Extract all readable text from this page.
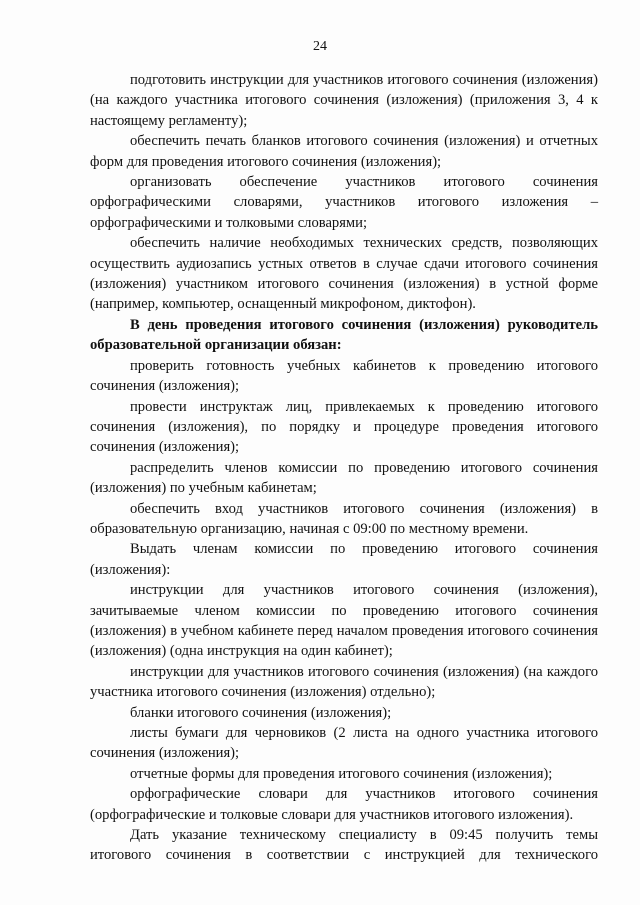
24

подготовить инструкции для участников итогового сочинения (изложения) (на каждого участника итогового сочинения (изложения) (приложения 3, 4 к настоящему регламенту);

обеспечить печать бланков итогового сочинения (изложения) и отчетных форм для проведения итогового сочинения (изложения);

организовать обеспечение участников итогового сочинения орфографическими словарями, участников итогового изложения – орфографическими и толковыми словарями;

обеспечить наличие необходимых технических средств, позволяющих осуществить аудиозапись устных ответов в случае сдачи итогового сочинения (изложения) участником итогового сочинения (изложения) в устной форме (например, компьютер, оснащенный микрофоном, диктофон).

В день проведения итогового сочинения (изложения) руководитель образовательной организации обязан:

проверить готовность учебных кабинетов к проведению итогового сочинения (изложения);

провести инструктаж лиц, привлекаемых к проведению итогового сочинения (изложения), по порядку и процедуре проведения итогового сочинения (изложения);

распределить членов комиссии по проведению итогового сочинения (изложения) по учебным кабинетам;

обеспечить вход участников итогового сочинения (изложения) в образовательную организацию, начиная с 09:00 по местному времени.

Выдать членам комиссии по проведению итогового сочинения (изложения):

инструкции для участников итогового сочинения (изложения), зачитываемые членом комиссии по проведению итогового сочинения (изложения) в учебном кабинете перед началом проведения итогового сочинения (изложения) (одна инструкция на один кабинет);

инструкции для участников итогового сочинения (изложения) (на каждого участника итогового сочинения (изложения) отдельно);

бланки итогового сочинения (изложения);

листы бумаги для черновиков (2 листа на одного участника итогового сочинения (изложения);

отчетные формы для проведения итогового сочинения (изложения);

орфографические словари для участников итогового сочинения (орфографические и толковые словари для участников итогового изложения).

Дать указание техническому специалисту в 09:45 получить темы итогового сочинения в соответствии с инструкцией для технического
